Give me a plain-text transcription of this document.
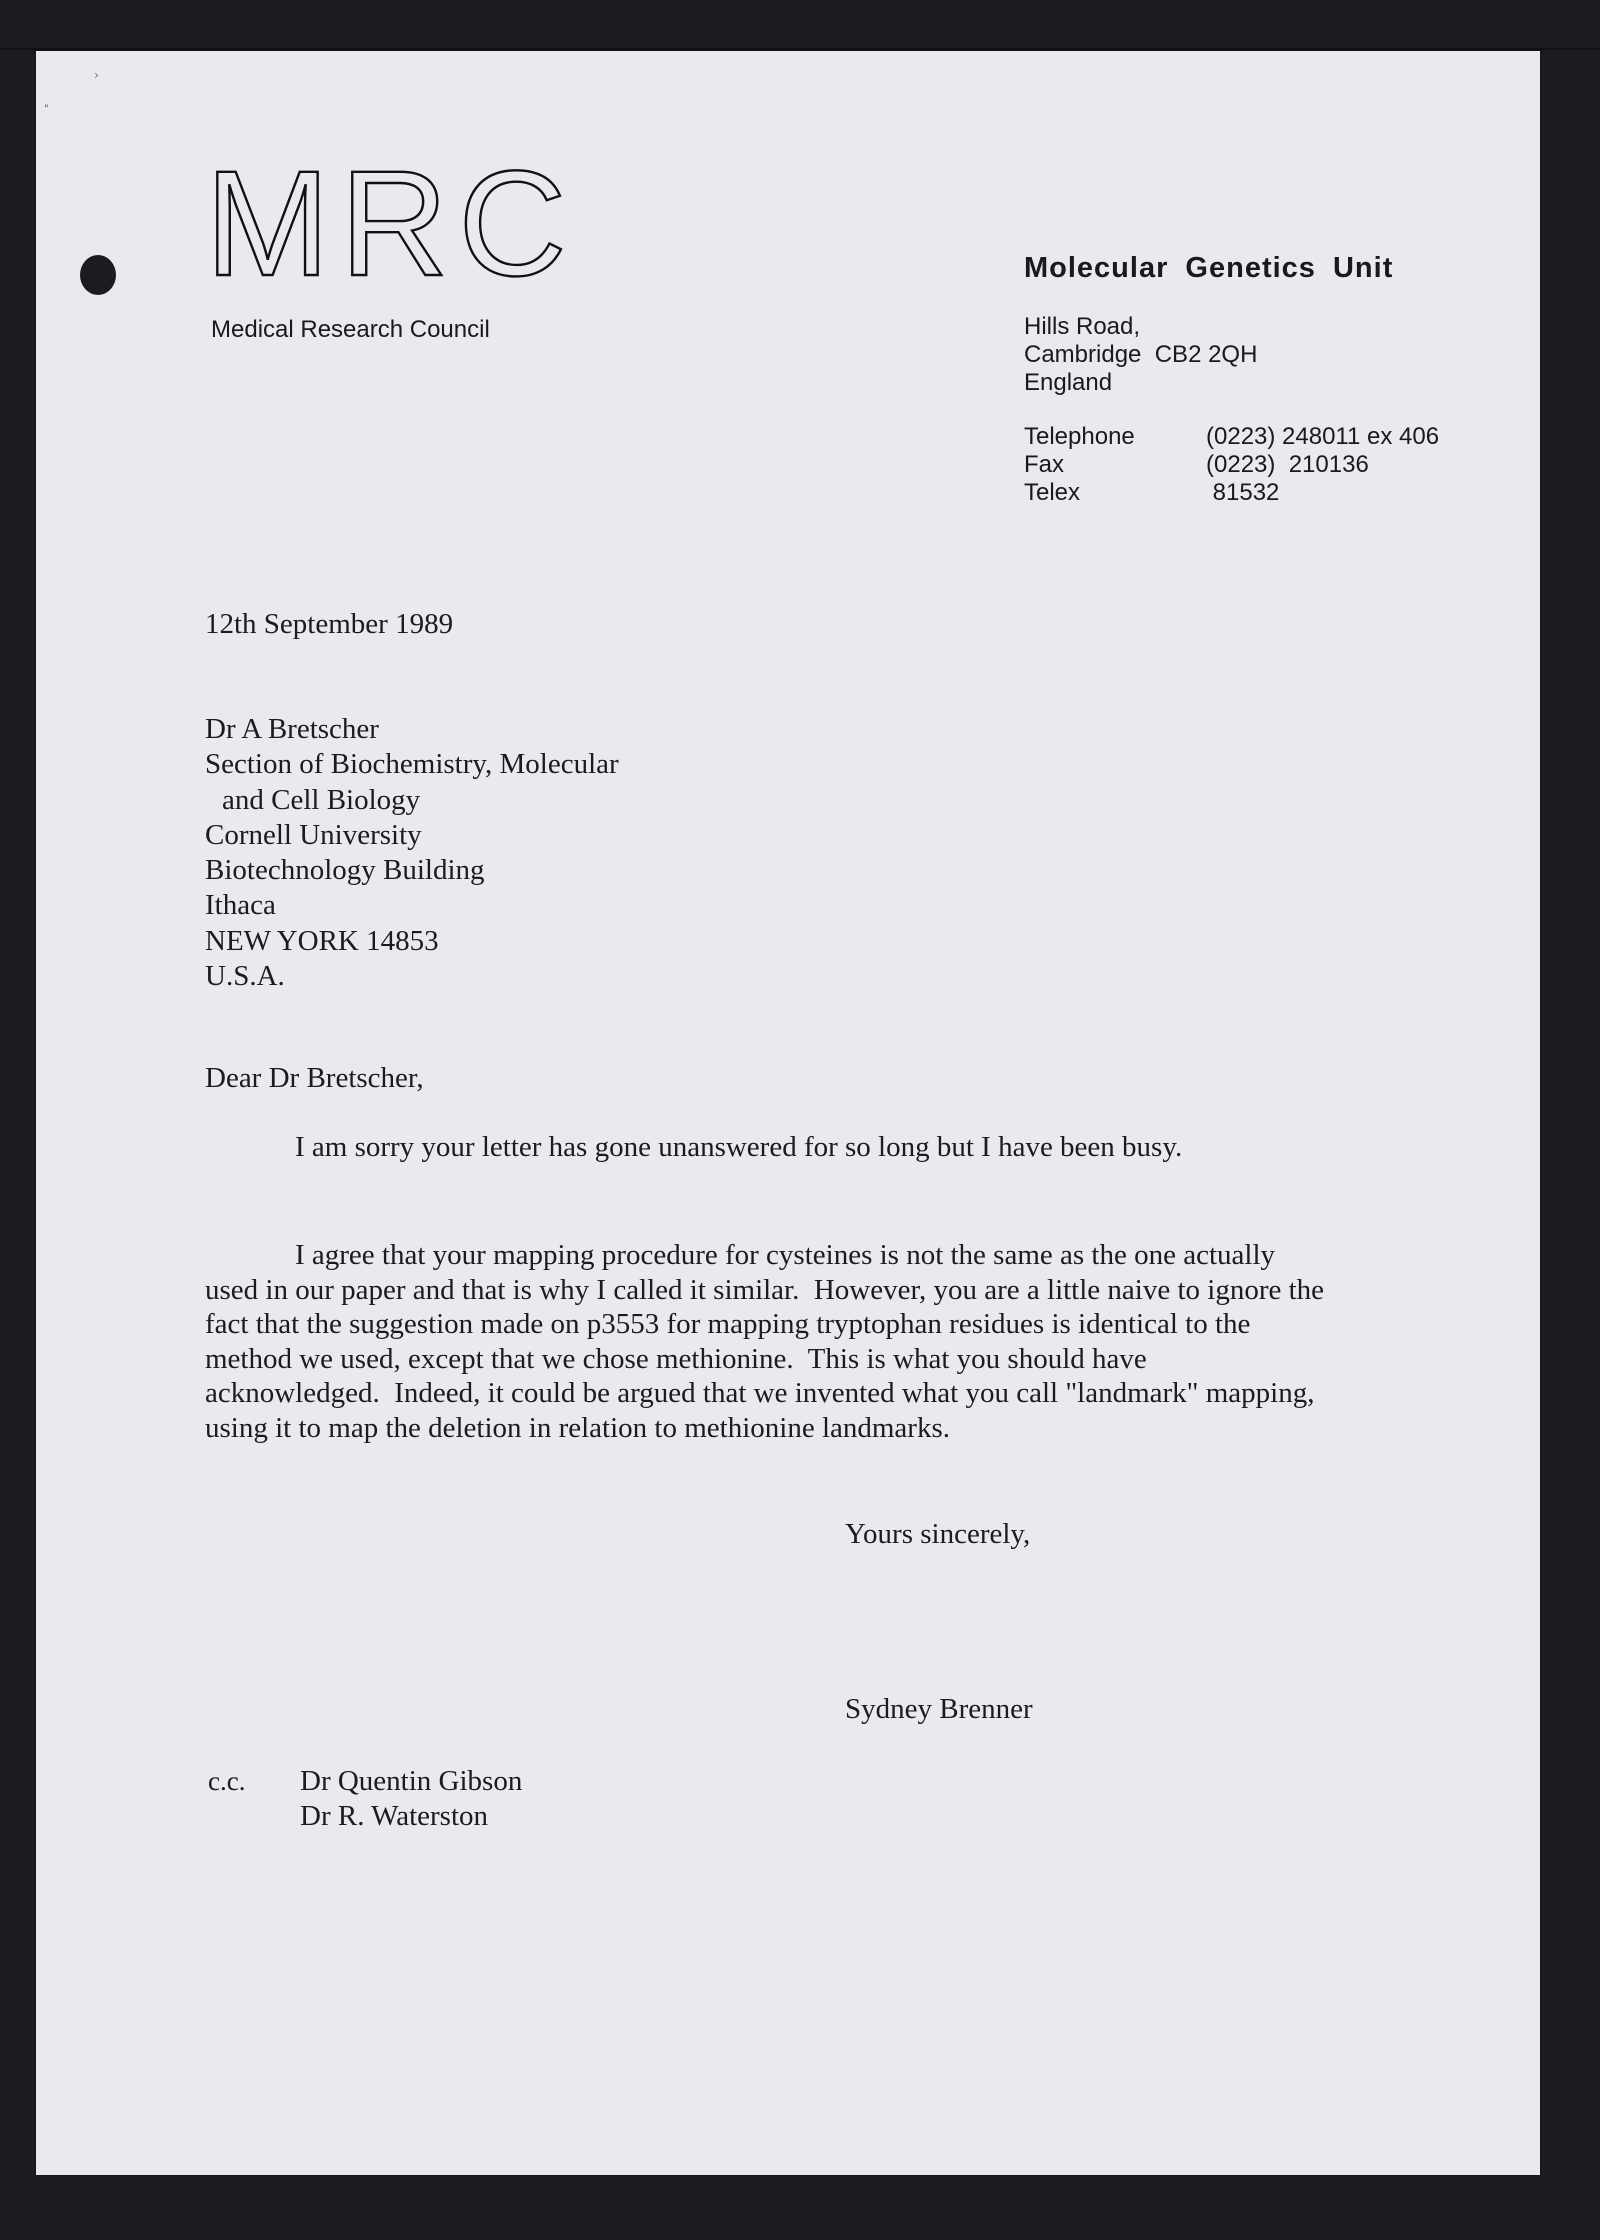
›
"
MRC
Medical Research Council
Molecular Genetics Unit
Hills Road,
Cambridge  CB2 2QH
England
Telephone	(0223) 248011 ex 406
Fax	(0223)  210136
Telex	81532
12th September 1989
Dr A Bretscher
Section of Biochemistry, Molecular
and Cell Biology
Cornell University
Biotechnology Building
Ithaca
NEW YORK 14853
U.S.A.
Dear Dr Bretscher,
I am sorry your letter has gone unanswered for so long but I have been busy.
I agree that your mapping procedure for cysteines is not the same as the one actually used in our paper and that is why I called it similar.  However, you are a little naive to ignore the fact that the suggestion made on p3553 for mapping tryptophan residues is identical to the method we used, except that we chose methionine.  This is what you should have acknowledged.  Indeed, it could be argued that we invented what you call "landmark" mapping, using it to map the deletion in relation to methionine landmarks.
Yours sincerely,
Sydney Brenner
c.c. Dr Quentin Gibson
Dr R. Waterston
